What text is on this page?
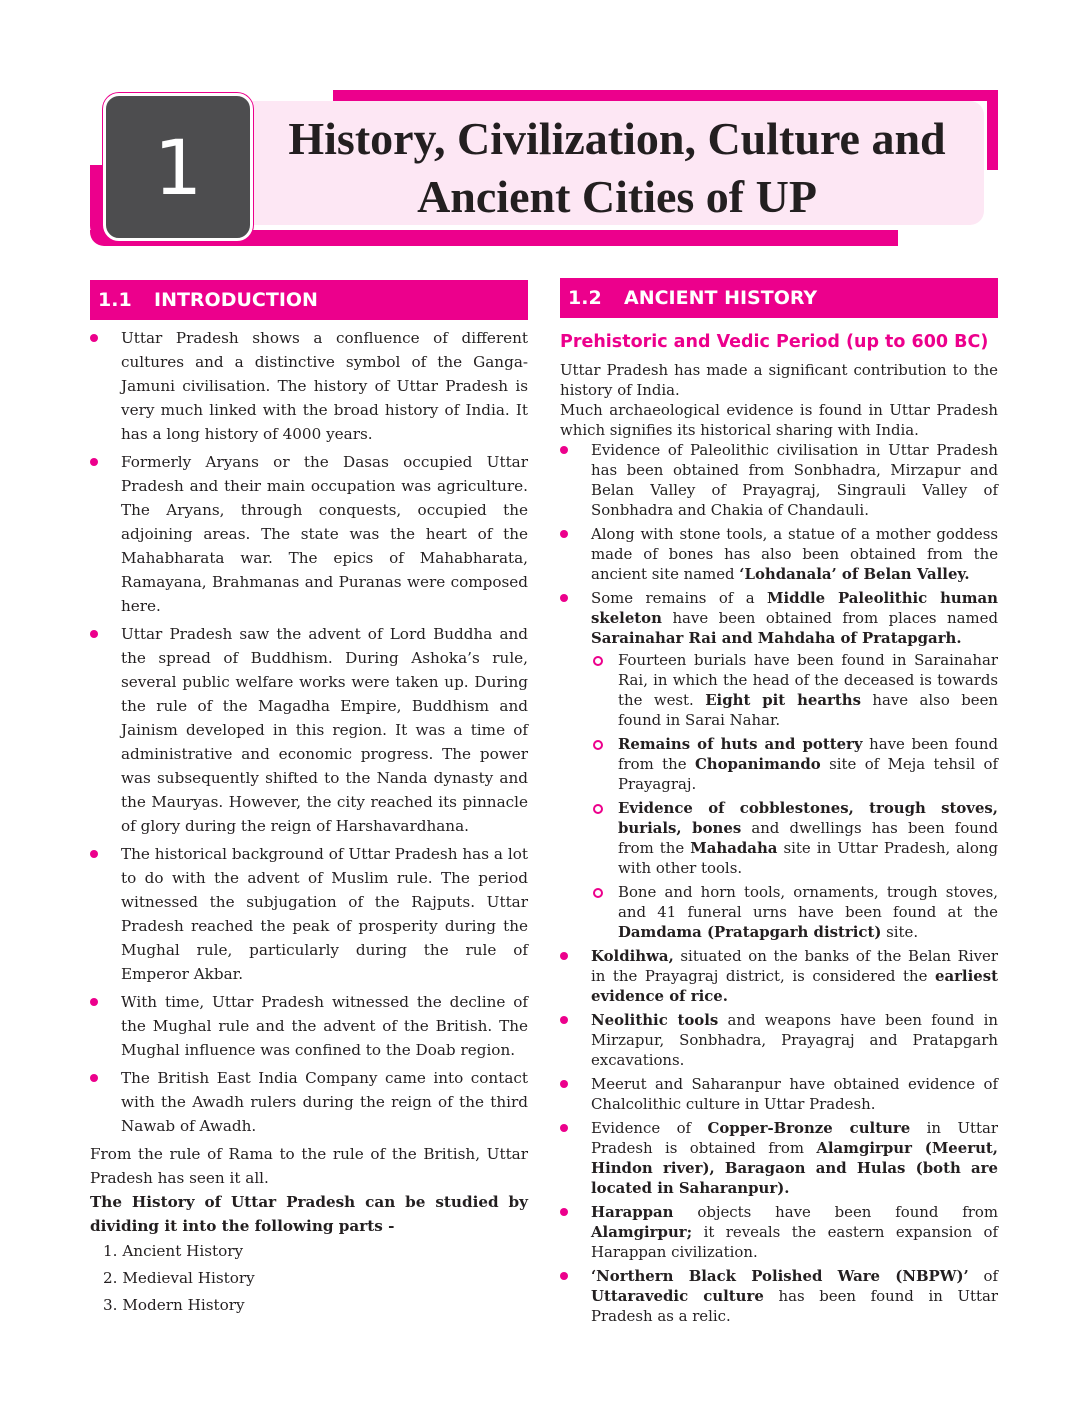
1	History, Civilization, Culture and
Ancient Cities of UP
1.1	INTRODUCTION	1.2	ANCIENT HISTORY
Uttar Pradesh shows a confluence of different cultures and a distinctive symbol of the Ganga-Jamuni civilisation. The history of Uttar Pradesh is very much linked with the broad history of India. It has a long history of 4000 years.
Formerly Aryans or the Dasas occupied Uttar Pradesh and their main occupation was agriculture. The Aryans, through conquests, occupied the adjoining areas. The state was the heart of the Mahabharata war. The epics of Mahabharata, Ramayana, Brahmanas and Puranas were composed here.
Uttar Pradesh saw the advent of Lord Buddha and the spread of Buddhism. During Ashoka’s rule, several public welfare works were taken up. During the rule of the Magadha Empire, Buddhism and Jainism developed in this region. It was a time of administrative and economic progress. The power was subsequently shifted to the Nanda dynasty and the Mauryas. However, the city reached its pinnacle of glory during the reign of Harshavardhana.
The historical background of Uttar Pradesh has a lot to do with the advent of Muslim rule. The period witnessed the subjugation of the Rajputs. Uttar Pradesh reached the peak of prosperity during the Mughal rule, particularly during the rule of Emperor Akbar.
With time, Uttar Pradesh witnessed the decline of the Mughal rule and the advent of the British. The Mughal influence was confined to the Doab region.
The British East India Company came into contact with the Awadh rulers during the reign of the third Nawab of Awadh.

From the rule of Rama to the rule of the British, Uttar Pradesh has seen it all.

The History of Uttar Pradesh can be studied by dividing it into the following parts -

1. Ancient History
2. Medieval History
3. Modern History
Prehistoric and Vedic Period (up to 600 BC)

Uttar Pradesh has made a significant contribution to the history of India.

Much archaeological evidence is found in Uttar Pradesh which signifies its historical sharing with India.

Evidence of Paleolithic civilisation in Uttar Pradesh has been obtained from Sonbhadra, Mirzapur and Belan Valley of Prayagraj, Singrauli Valley of Sonbhadra and Chakia of Chandauli.
Along with stone tools, a statue of a mother goddess made of bones has also been obtained from the ancient site named ‘Lohdanala’ of Belan Valley.
Some remains of a Middle Paleolithic human skeleton have been obtained from places named Sarainahar Rai and Mahdaha of Pratapgarh.
Fourteen burials have been found in Sarainahar Rai, in which the head of the deceased is towards the west. Eight pit hearths have also been found in Sarai Nahar.
Remains of huts and pottery have been found from the Chopanimando site of Meja tehsil of Prayagraj.
Evidence of cobblestones, trough stoves, burials, bones and dwellings has been found from the Mahadaha site in Uttar Pradesh, along with other tools.
Bone and horn tools, ornaments, trough stoves, and 41 funeral urns have been found at the Damdama (Pratapgarh district) site.
Koldihwa, situated on the banks of the Belan River in the Prayagraj district, is considered the earliest evidence of rice.
Neolithic tools and weapons have been found in Mirzapur, Sonbhadra, Prayagraj and Pratapgarh excavations.
Meerut and Saharanpur have obtained evidence of Chalcolithic culture in Uttar Pradesh.
Evidence of Copper-Bronze culture in Uttar Pradesh is obtained from Alamgirpur (Meerut, Hindon river), Baragaon and Hulas (both are located in Saharanpur).
Harappan objects have been found from Alamgirpur; it reveals the eastern expansion of Harappan civilization.
‘Northern Black Polished Ware (NBPW)’ of Uttaravedic culture has been found in Uttar Pradesh as a relic.
